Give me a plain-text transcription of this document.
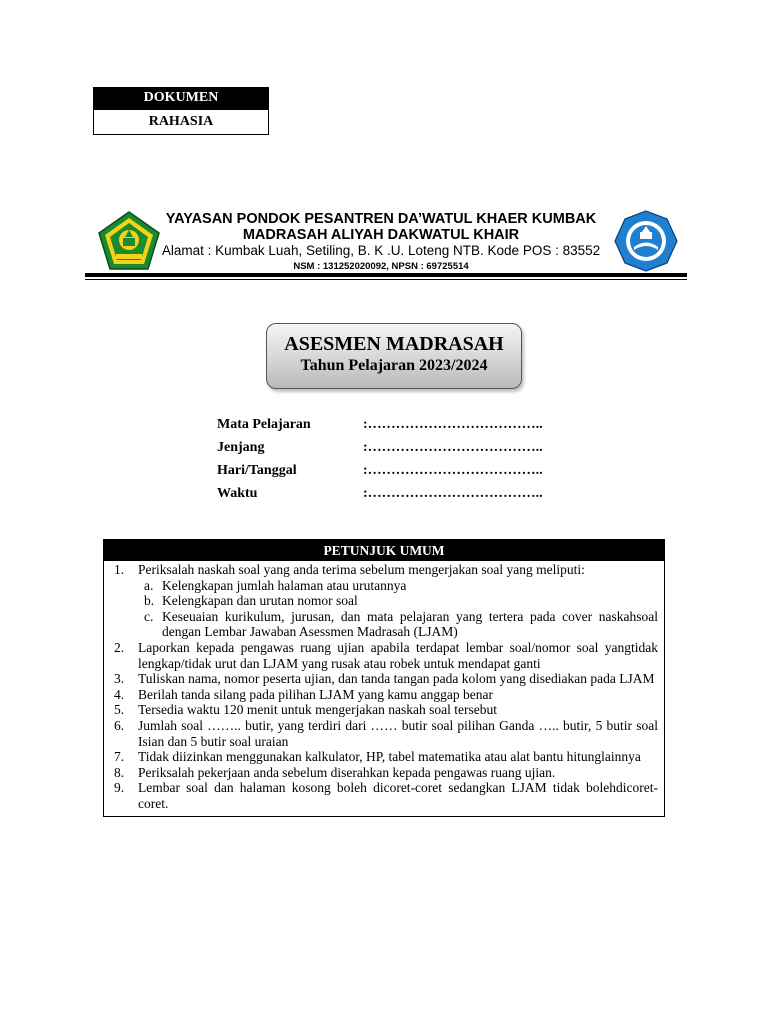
DOKUMEN
RAHASIA
YAYASAN PONDOK PESANTREN DA’WATUL KHAER KUMBAK
MADRASAH ALIYAH DAKWATUL KHAIR
Alamat : Kumbak Luah, Setiling, B. K .U. Loteng NTB. Kode POS : 83552
NSM : 131252020092, NPSN : 69725514
ASESMEN MADRASAH
Tahun Pelajaran 2023/2024
Mata Pelajaran	:………………………………..
Jenjang	:………………………………..
Hari/Tanggal	:………………………………..
Waktu	:………………………………..
PETUNJUK UMUM
1.	Periksalah naskah soal yang anda terima sebelum mengerjakan soal yang meliputi:
a. Kelengkapan jumlah halaman atau urutannya
b. Kelengkapan dan urutan nomor soal
c. Keseuaian kurikulum, jurusan, dan mata pelajaran yang tertera pada cover naskahsoal dengan Lembar Jawaban Asessmen Madrasah (LJAM)
2.	Laporkan kepada pengawas ruang ujian apabila terdapat lembar soal/nomor soal yangtidak lengkap/tidak urut dan LJAM yang rusak atau robek untuk mendapat ganti
3.	Tuliskan nama, nomor peserta ujian, dan tanda tangan pada kolom yang disediakan pada LJAM
4.	Berilah tanda silang pada pilihan LJAM yang kamu anggap benar
5.	Tersedia waktu 120 menit untuk mengerjakan naskah soal tersebut
6.	Jumlah soal …….. butir, yang terdiri dari …… butir soal pilihan Ganda ….. butir, 5 butir soal Isian dan 5 butir soal uraian
7.	Tidak diizinkan menggunakan kalkulator, HP, tabel matematika atau alat bantu hitunglainnya
8.	Periksalah pekerjaan anda sebelum diserahkan kepada pengawas ruang ujian.
9.	Lembar soal dan halaman kosong boleh dicoret-coret sedangkan LJAM tidak bolehdicoret-coret.
